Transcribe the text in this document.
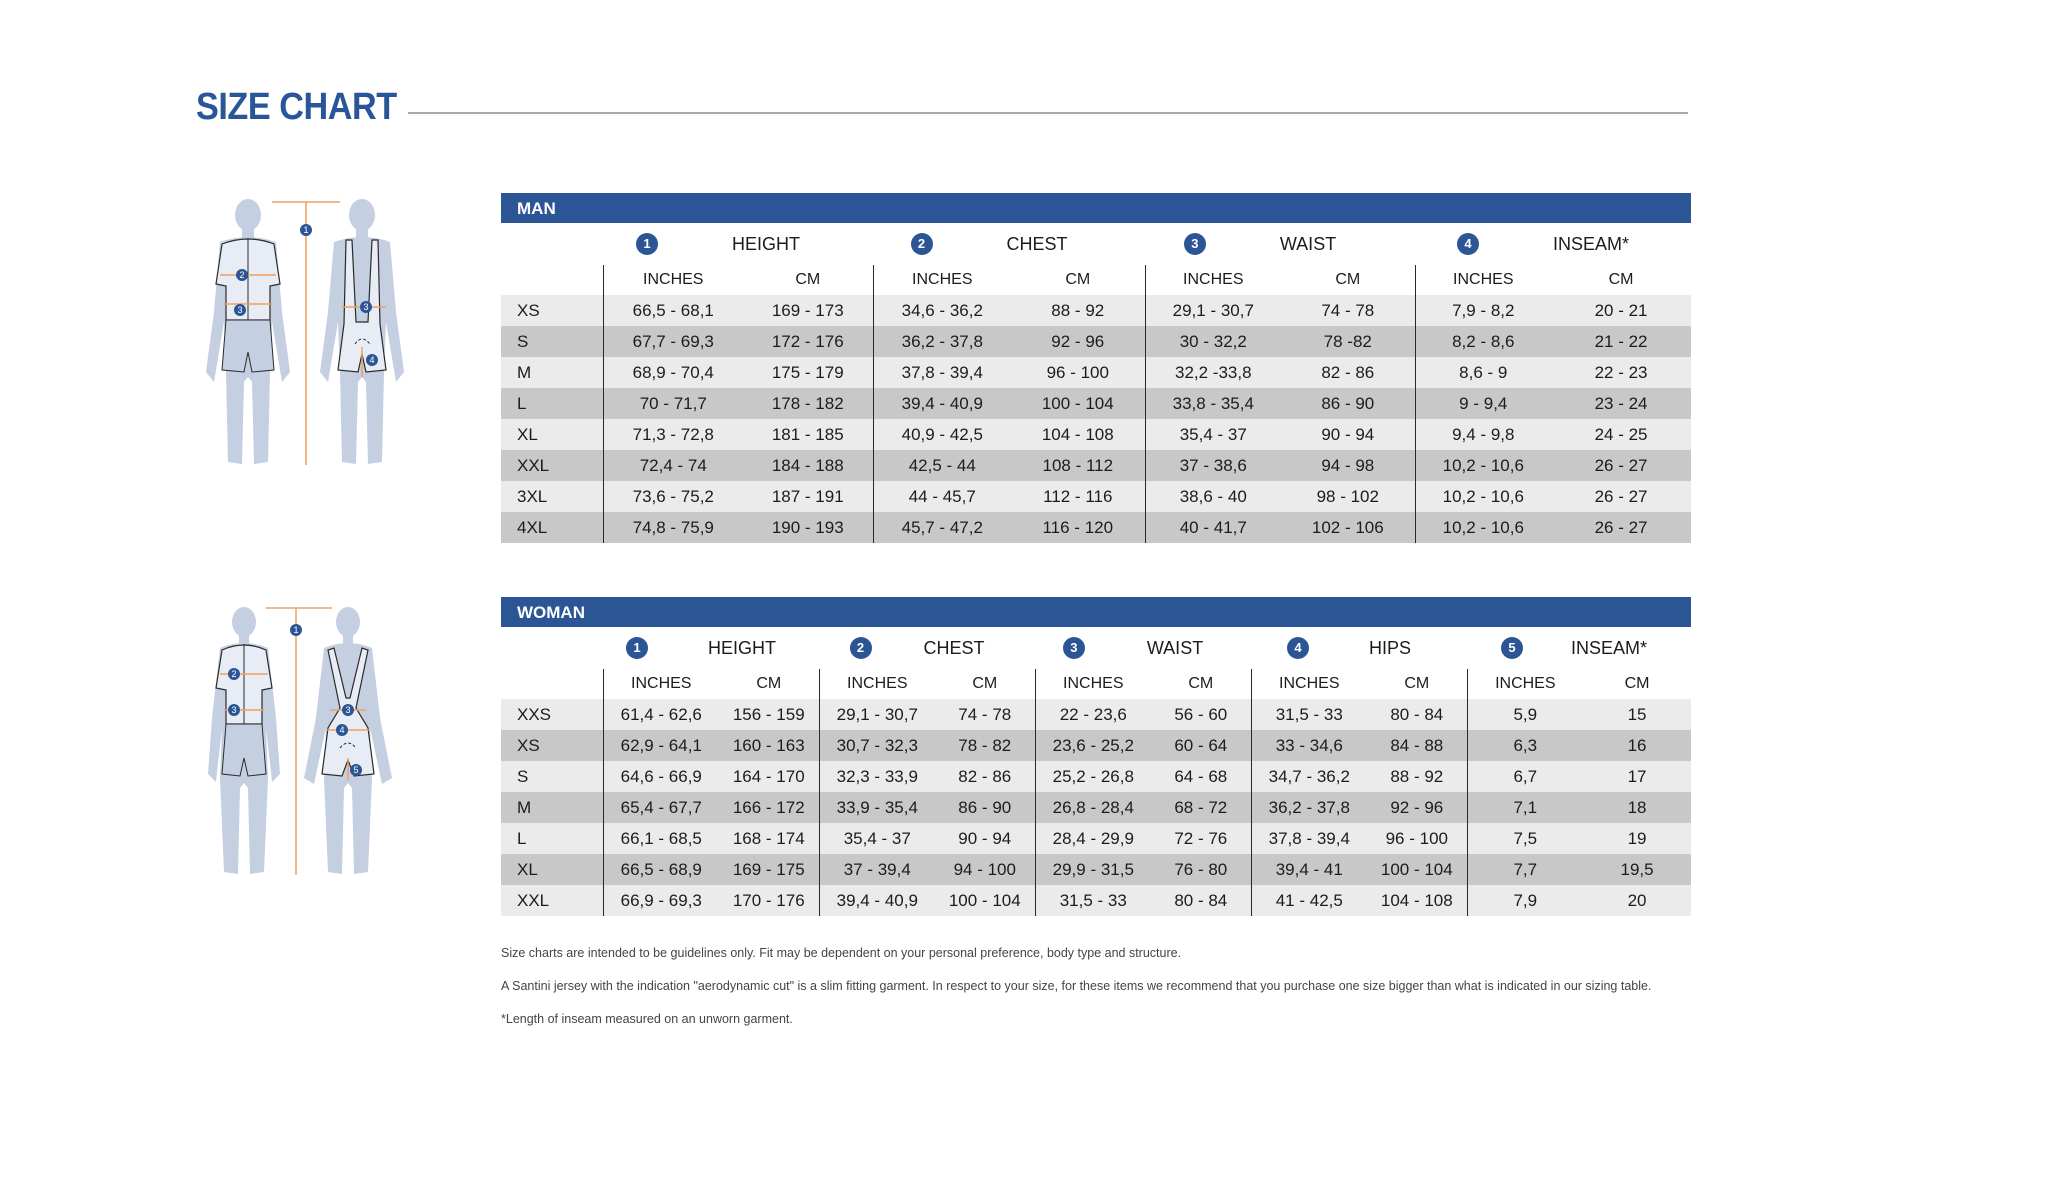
SIZE CHART
1
2
3	3
4
MAN
	1 HEIGHT		2 CHEST		3 WAIST		4 INSEAM*	
	INCHES	CM	INCHES	CM	INCHES	CM	INCHES	CM
XS	66,5 - 68,1	169 - 173	34,6 - 36,2	88 - 92	29,1 - 30,7	74 - 78	7,9 - 8,2	20 - 21
S	67,7 - 69,3	172 - 176	36,2 - 37,8	92 - 96	30 - 32,2	78 -82	8,2 - 8,6	21 - 22
M	68,9 - 70,4	175 - 179	37,8 - 39,4	96 - 100	32,2 -33,8	82 - 86	8,6 - 9	22 - 23
L	70 - 71,7	178 - 182	39,4 - 40,9	100 - 104	33,8 - 35,4	86 - 90	9 - 9,4	23 - 24
XL	71,3 - 72,8	181 - 185	40,9 - 42,5	104 - 108	35,4 - 37	90 - 94	9,4 - 9,8	24 - 25
XXL	72,4 - 74	184 - 188	42,5 - 44	108 - 112	37 - 38,6	94 - 98	10,2 - 10,6	26 - 27
3XL	73,6 - 75,2	187 - 191	44 - 45,7	112 - 116	38,6 - 40	98 - 102	10,2 - 10,6	26 - 27
4XL	74,8 - 75,9	190 - 193	45,7 - 47,2	116 - 120	40 - 41,7	102 - 106	10,2 - 10,6	26 - 27
1
2
3	3
4
5
WOMAN
	1 HEIGHT		2 CHEST		3 WAIST		4 HIPS		5 INSEAM*	
	INCHES	CM	INCHES	CM	INCHES	CM	INCHES	CM	INCHES	CM
XXS	61,4 - 62,6	156 - 159	29,1 - 30,7	74 - 78	22 - 23,6	56 - 60	31,5 - 33	80 - 84	5,9	15
XS	62,9 - 64,1	160 - 163	30,7 - 32,3	78 - 82	23,6 - 25,2	60 - 64	33 - 34,6	84 - 88	6,3	16
S	64,6 - 66,9	164 - 170	32,3 - 33,9	82 - 86	25,2 - 26,8	64 - 68	34,7 - 36,2	88 - 92	6,7	17
M	65,4 - 67,7	166 - 172	33,9 - 35,4	86 - 90	26,8 - 28,4	68 - 72	36,2 - 37,8	92 - 96	7,1	18
L	66,1 - 68,5	168 - 174	35,4 - 37	90 - 94	28,4 - 29,9	72 - 76	37,8 - 39,4	96 - 100	7,5	19
XL	66,5 - 68,9	169 - 175	37 - 39,4	94 - 100	29,9 - 31,5	76 - 80	39,4 - 41	100 - 104	7,7	19,5
XXL	66,9 - 69,3	170 - 176	39,4 - 40,9	100 - 104	31,5 - 33	80 - 84	41 - 42,5	104 - 108	7,9	20

Size charts are intended to be guidelines only. Fit may be dependent on your personal preference, body type and structure.

A Santini jersey with the indication "aerodynamic cut" is a slim fitting garment. In respect to your size, for these items we recommend that you purchase one size bigger than what is indicated in our sizing table.

*Length of inseam measured on an unworn garment.
